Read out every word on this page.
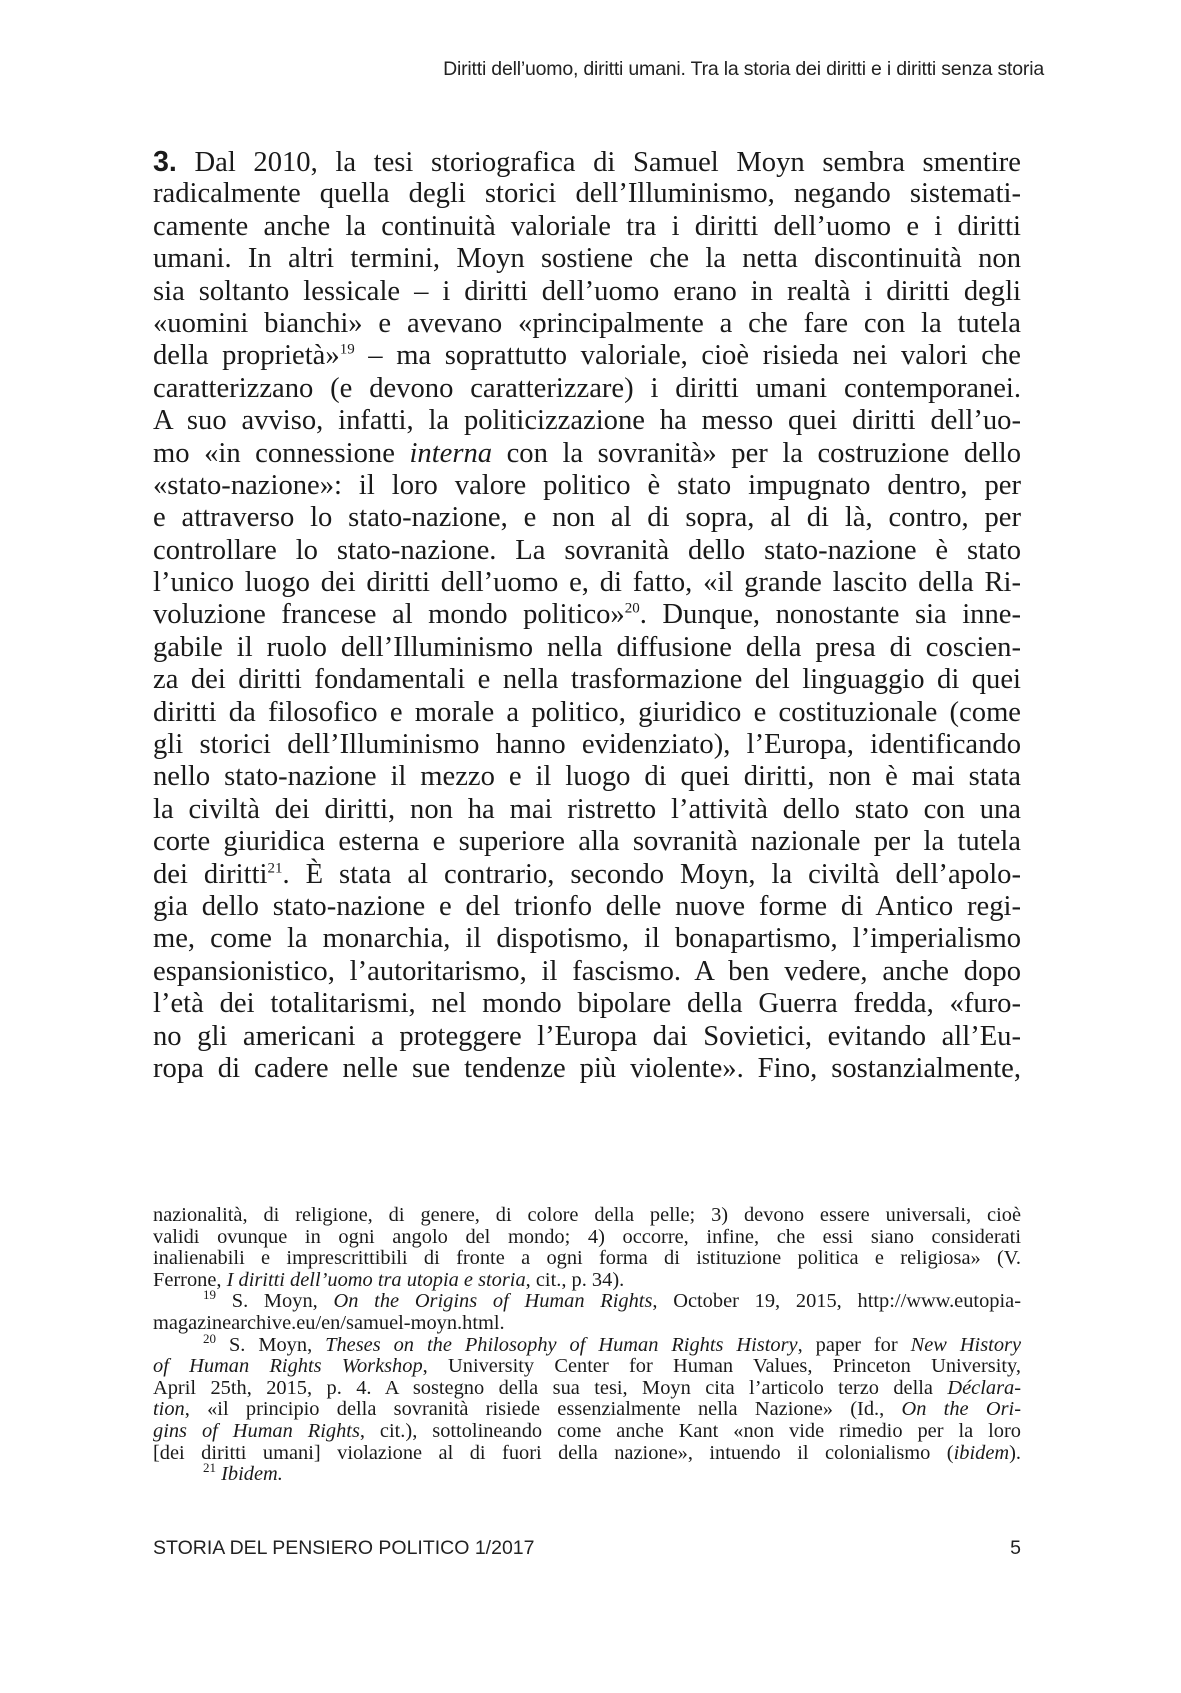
Diritti dell’uomo, diritti umani. Tra la storia dei diritti e i diritti senza storia
3. Dal 2010, la tesi storiografica di Samuel Moyn sembra smentire
radicalmente quella degli storici dell’Illuminismo, negando sistemati-
camente anche la continuità valoriale tra i diritti dell’uomo e i diritti
umani. In altri termini, Moyn sostiene che la netta discontinuità non
sia soltanto lessicale – i diritti dell’uomo erano in realtà i diritti degli
«uomini bianchi» e avevano «principalmente a che fare con la tutela
della proprietà»$^{19}$ – ma soprattutto valoriale, cioè risieda nei valori che
caratterizzano (e devono caratterizzare) i diritti umani contemporanei.
A suo avviso, infatti, la politicizzazione ha messo quei diritti dell’uo-
mo «in connessione interna con la sovranità» per la costruzione dello
«stato-nazione»: il loro valore politico è stato impugnato dentro, per
e attraverso lo stato-nazione, e non al di sopra, al di là, contro, per
controllare lo stato-nazione. La sovranità dello stato-nazione è stato
l’unico luogo dei diritti dell’uomo e, di fatto, «il grande lascito della Ri-
voluzione francese al mondo politico»$^{20}$. Dunque, nonostante sia inne-
gabile il ruolo dell’Illuminismo nella diffusione della presa di coscien-
za dei diritti fondamentali e nella trasformazione del linguaggio di quei
diritti da filosofico e morale a politico, giuridico e costituzionale (come
gli storici dell’Illuminismo hanno evidenziato), l’Europa, identificando
nello stato-nazione il mezzo e il luogo di quei diritti, non è mai stata
la civiltà dei diritti, non ha mai ristretto l’attività dello stato con una
corte giuridica esterna e superiore alla sovranità nazionale per la tutela
dei diritti$^{21}$. È stata al contrario, secondo Moyn, la civiltà dell’apolo-
gia dello stato-nazione e del trionfo delle nuove forme di Antico regi-
me, come la monarchia, il dispotismo, il bonapartismo, l’imperialismo
espansionistico, l’autoritarismo, il fascismo. A ben vedere, anche dopo
l’età dei totalitarismi, nel mondo bipolare della Guerra fredda, «furo-
no gli americani a proteggere l’Europa dai Sovietici, evitando all’Eu-
ropa di cadere nelle sue tendenze più violente». Fino, sostanzialmente,
nazionalità, di religione, di genere, di colore della pelle; 3) devono essere universali, cioè
validi ovunque in ogni angolo del mondo; 4) occorre, infine, che essi siano considerati
inalienabili e imprescrittibili di fronte a ogni forma di istituzione politica e religiosa» (V.
Ferrone, I diritti dell’uomo tra utopia e storia, cit., p. 34).
$^{19}$ S. Moyn, On the Origins of Human Rights, October 19, 2015, http://www.eutopia-
magazinearchive.eu/en/samuel-moyn.html.
$^{20}$ S. Moyn, Theses on the Philosophy of Human Rights History, paper for New History
of Human Rights Workshop, University Center for Human Values, Princeton University,
April 25th, 2015, p. 4. A sostegno della sua tesi, Moyn cita l’articolo terzo della Déclara-
tion, «il principio della sovranità risiede essenzialmente nella Nazione» (Id., On the Ori-
gins of Human Rights, cit.), sottolineando come anche Kant «non vide rimedio per la loro
[dei diritti umani] violazione al di fuori della nazione», intuendo il colonialismo (ibidem).
$^{21}$ Ibidem.
STORIA DEL PENSIERO POLITICO 1/2017	5
